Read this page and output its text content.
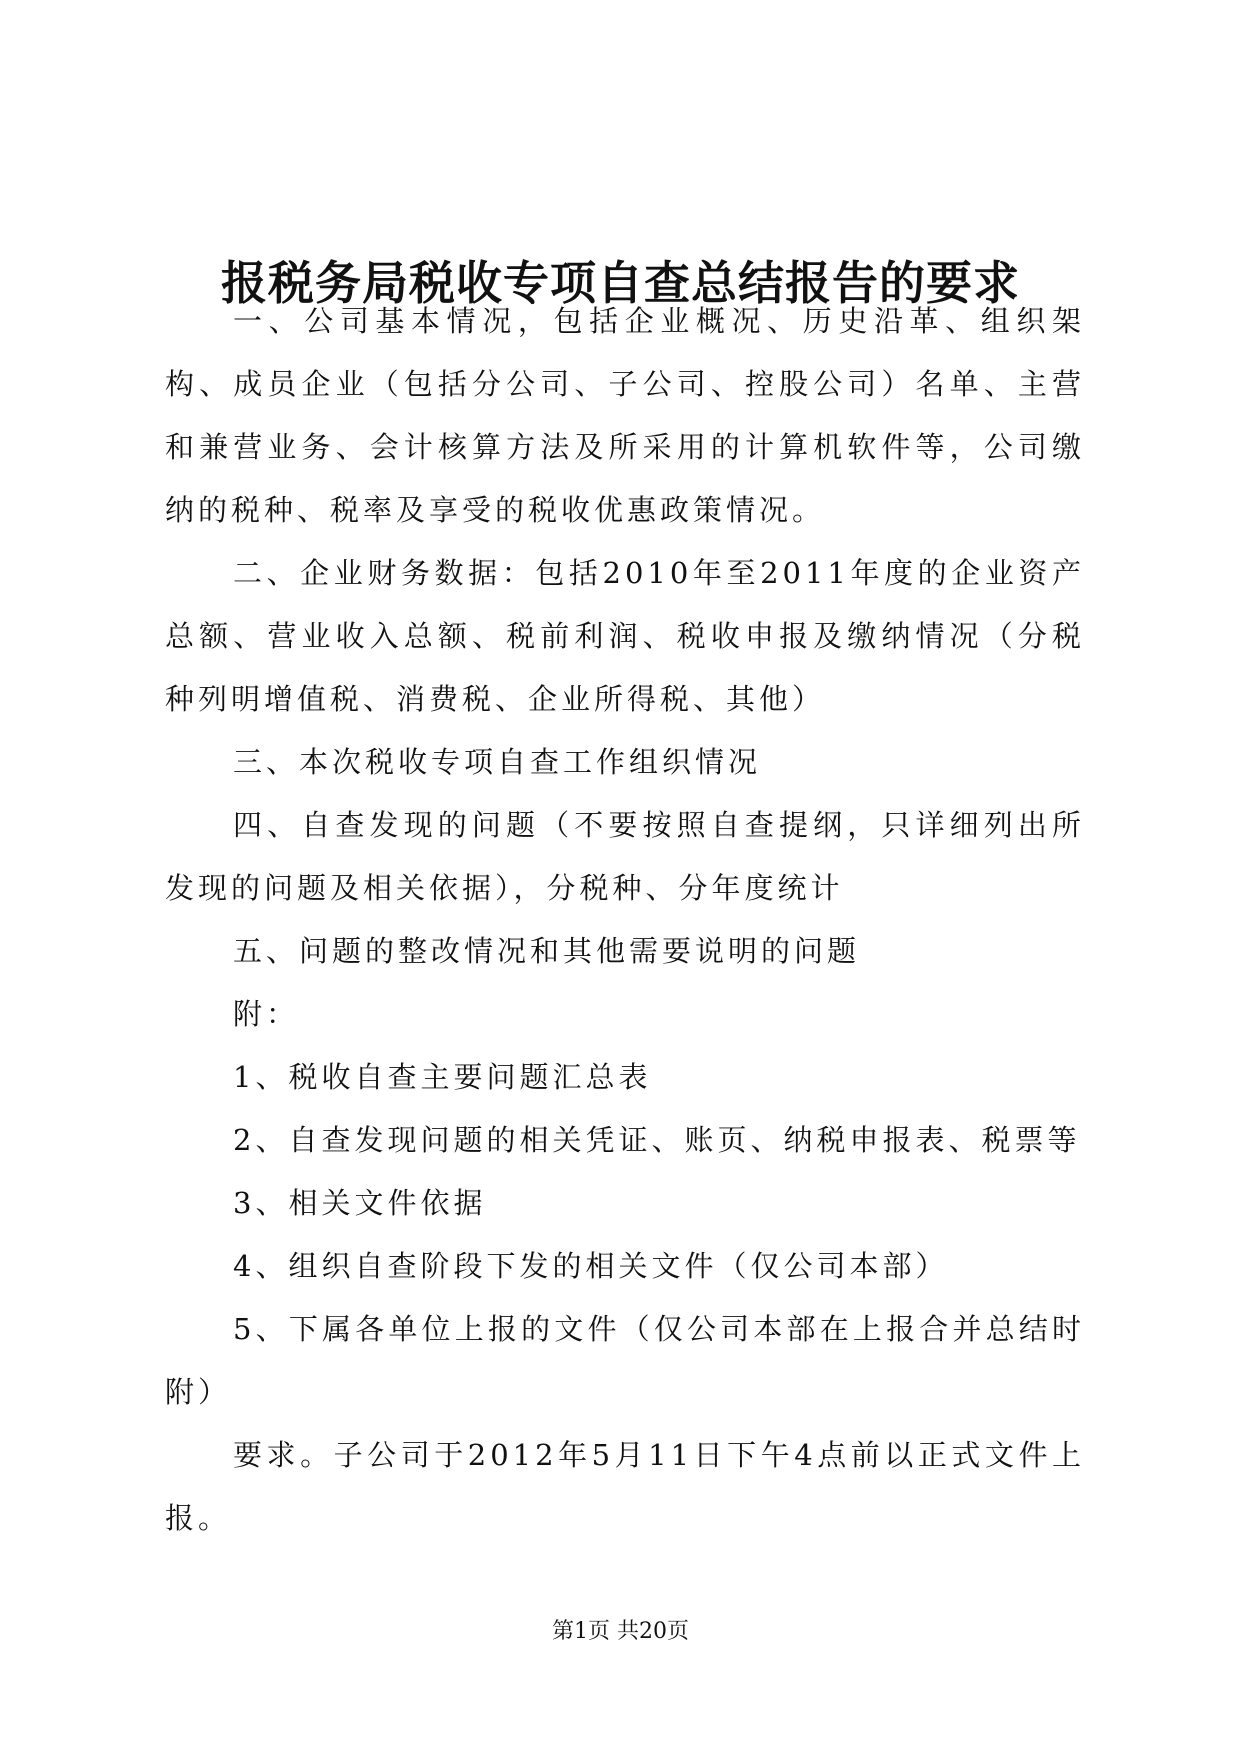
报税务局税收专项自查总结报告的要求

一、公司基本情况，包括企业概况、历史沿革、组织架构、成员企业（包括分公司、子公司、控股公司）名单、主营和兼营业务、会计核算方法及所采用的计算机软件等，公司缴纳的税种、税率及享受的税收优惠政策情况。

二、企业财务数据：包括2010年至2011年度的企业资产总额、营业收入总额、税前利润、税收申报及缴纳情况（分税种列明增值税、消费税、企业所得税、其他）

三、本次税收专项自查工作组织情况

四、自查发现的问题（不要按照自查提纲，只详细列出所发现的问题及相关依据），分税种、分年度统计

五、问题的整改情况和其他需要说明的问题

附：

1、税收自查主要问题汇总表

2、自查发现问题的相关凭证、账页、纳税申报表、税票等

3、相关文件依据

4、组织自查阶段下发的相关文件（仅公司本部）

5、下属各单位上报的文件（仅公司本部在上报合并总结时附）

要求。子公司于2012年5月11日下午4点前以正式文件上报。

第1页 共20页
